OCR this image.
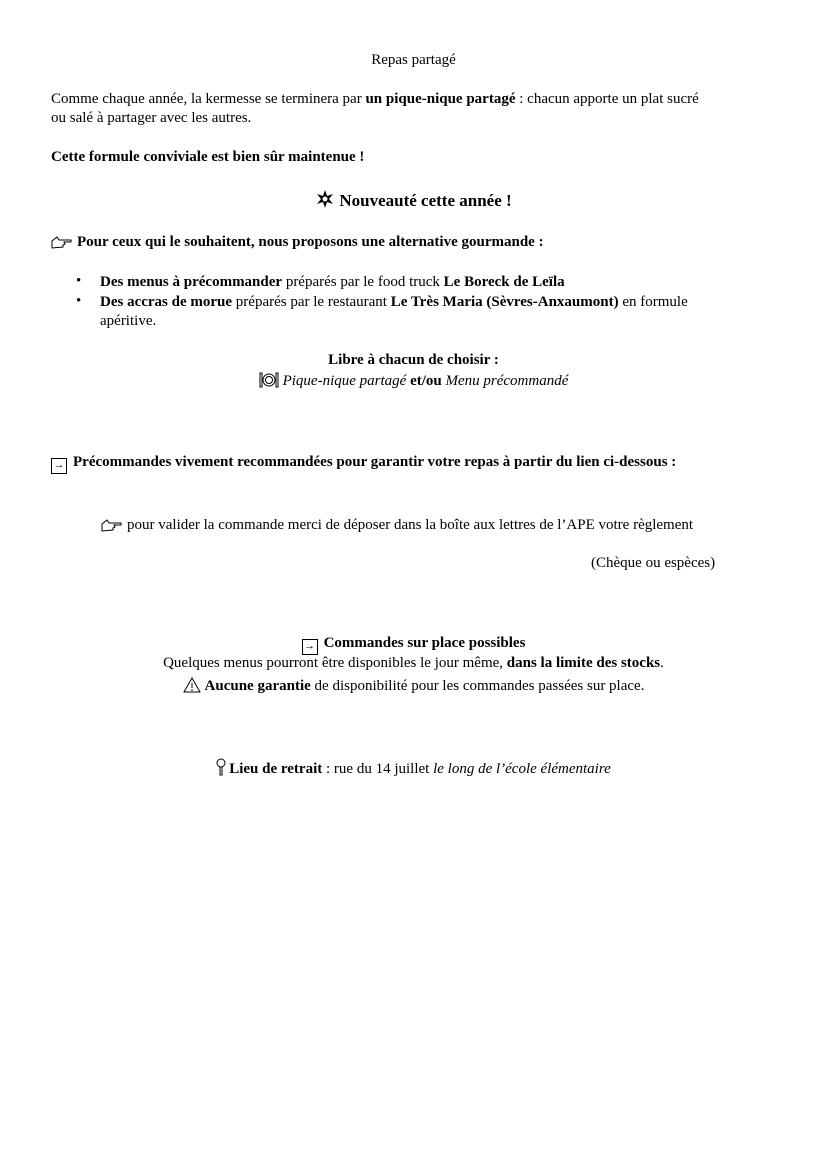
Repas partagé
Comme chaque année, la kermesse se terminera par un pique-nique partagé : chacun apporte un plat sucré
ou salé à partager avec les autres.
Cette formule conviviale est bien sûr maintenue !
Nouveauté cette année !
Pour ceux qui le souhaitent, nous proposons une alternative gourmande :
• Des menus à précommander préparés par le food truck Le Boreck de Leïla
• Des accras de morue préparés par le restaurant Le Très Maria (Sèvres-Anxaumont) en formule
apéritive.
Libre à chacun de choisir :
Pique-nique partagé et/ou Menu précommandé
→ Précommandes vivement recommandées pour garantir votre repas à partir du lien ci-dessous :
pour valider la commande merci de déposer dans la boîte aux lettres de l’APE votre règlement
(Chèque ou espèces)
→ Commandes sur place possibles
Quelques menus pourront être disponibles le jour même, dans la limite des stocks.
Aucune garantie de disponibilité pour les commandes passées sur place.
Lieu de retrait : rue du 14 juillet le long de l’école élémentaire
